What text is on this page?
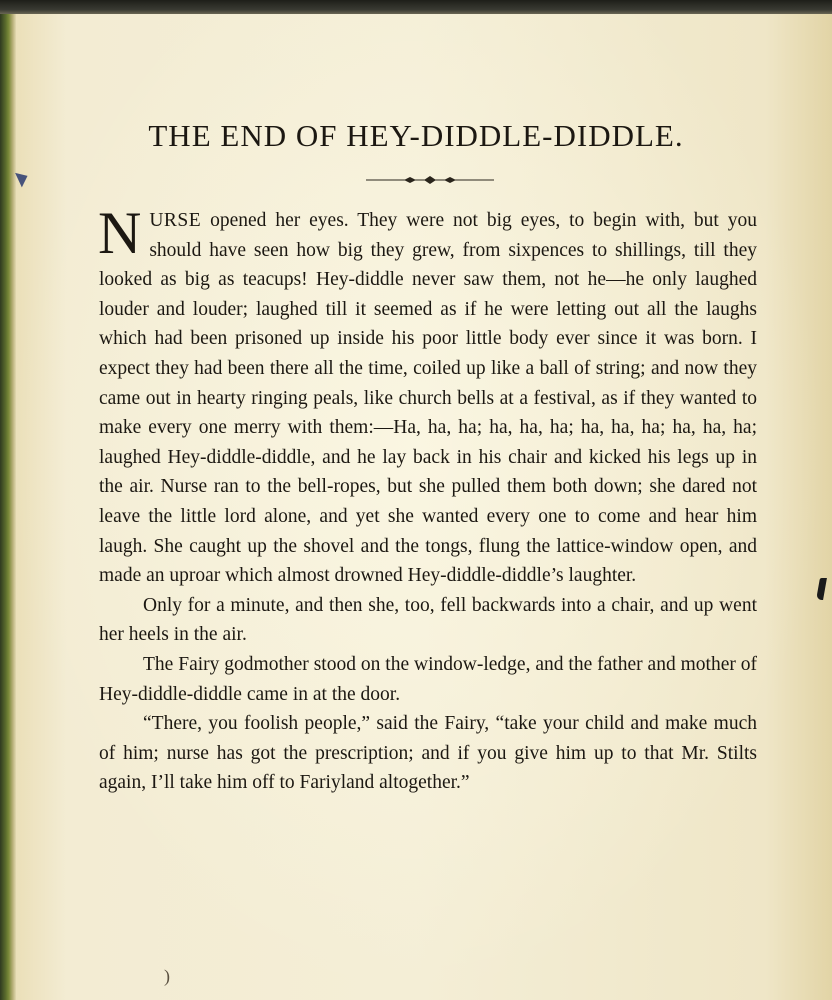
THE END OF HEY-DIDDLE-DIDDLE.

NURSE opened her eyes. They were not big eyes, to begin with, but you should have seen how big they grew, from sixpences to shillings, till they looked as big as teacups! Hey-diddle never saw them, not he—he only laughed louder and louder; laughed till it seemed as if he were letting out all the laughs which had been prisoned up inside his poor little body ever since it was born. I expect they had been there all the time, coiled up like a ball of string; and now they came out in hearty ringing peals, like church bells at a festival, as if they wanted to make every one merry with them:—Ha, ha, ha; ha, ha, ha; ha, ha, ha; ha, ha, ha; laughed Hey-diddle-diddle, and he lay back in his chair and kicked his legs up in the air. Nurse ran to the bell-ropes, but she pulled them both down; she dared not leave the little lord alone, and yet she wanted every one to come and hear him laugh. She caught up the shovel and the tongs, flung the lattice-window open, and made an uproar which almost drowned Hey-diddle-diddle’s laughter.

Only for a minute, and then she, too, fell backwards into a chair, and up went her heels in the air.

The Fairy godmother stood on the window-ledge, and the father and mother of Hey-diddle-diddle came in at the door.

“There, you foolish people,” said the Fairy, “take your child and make much of him; nurse has got the prescription; and if you give him up to that Mr. Stilts again, I’ll take him off to Fariyland altogether.”

)
